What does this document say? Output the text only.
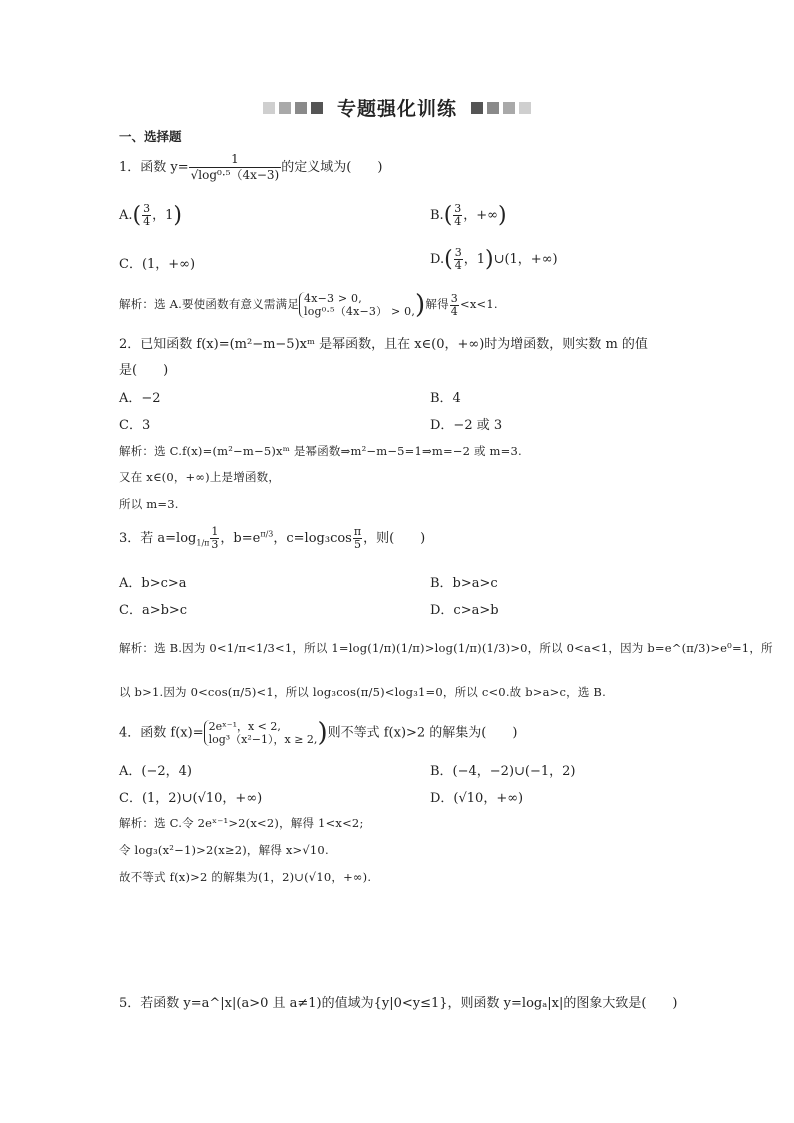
专题强化训练
一、选择题
1．函数 $y= \frac{1}{\text{√log⁰·⁵（4x−3)}}$ 的定义域为(　　)
$A.( \frac{3}{4}$ ，1)	$B.( \frac{3}{4}$ ，+∞)
C．(1，+∞)	$D.( \frac{3}{4}$ ，1)∪(1，+∞)
解析：选 A.要使函数有意义需满足 4x−3 > 0,
log⁰·⁵（4x−3） > 0, )解得 $\frac{3}{4} <x<1$.
2．已知函数 f(x)=(m²−m−5)xᵐ 是幂函数，且在 x∈(0，+∞)时为增函数，则实数 m 的值
是(　　)
A．−2	B．4
C．3	D．−2 或 3
解析：选 C.f(x)=(m²−m−5)xᵐ 是幂函数⇒m²−m−5=1⇒m=−2 或 m=3.
又在 x∈(0，+∞)上是增函数，
所以 m=3.
3．若 $a=\log_{1/\pi} \frac{1}{3}$ ，$b=e^{\pi/3}$，$c=\log_3\cos \frac{\pi}{5}$ ，则(　　)
A．b>c>a	B．b>a>c
C．a>b>c	D．c>a>b
解析：选 B.因为 0<1/π<1/3<1，所以 1=log(1/π)(1/π)>log(1/π)(1/3)>0，所以 0<a<1，因为 b=e^(π/3)>e⁰=1，所
以 b>1.因为 0<cos(π/5)<1，所以 log₃cos(π/5)<log₃1=0，所以 c<0.故 b>a>c，选 B.
4．函数 f(x)= 2eˣ⁻¹，x < 2,
log³（x²−1），x ≥ 2, )则不等式 f(x)>2 的解集为(　　)
A．(−2，4)	B．(−4，−2)∪(−1，2)
C．(1，2)∪(√10，+∞)	D．(√10，+∞)
解析：选 C.令 2eˣ⁻¹>2(x<2)，解得 1<x<2;
令 log₃(x²−1)>2(x≥2)，解得 x>√10.
故不等式 f(x)>2 的解集为(1，2)∪(√10，+∞).
5．若函数 y=a^|x|(a>0 且 a≠1)的值域为{y|0<y≤1}，则函数 y=logₐ|x|的图象大致是(　　)
